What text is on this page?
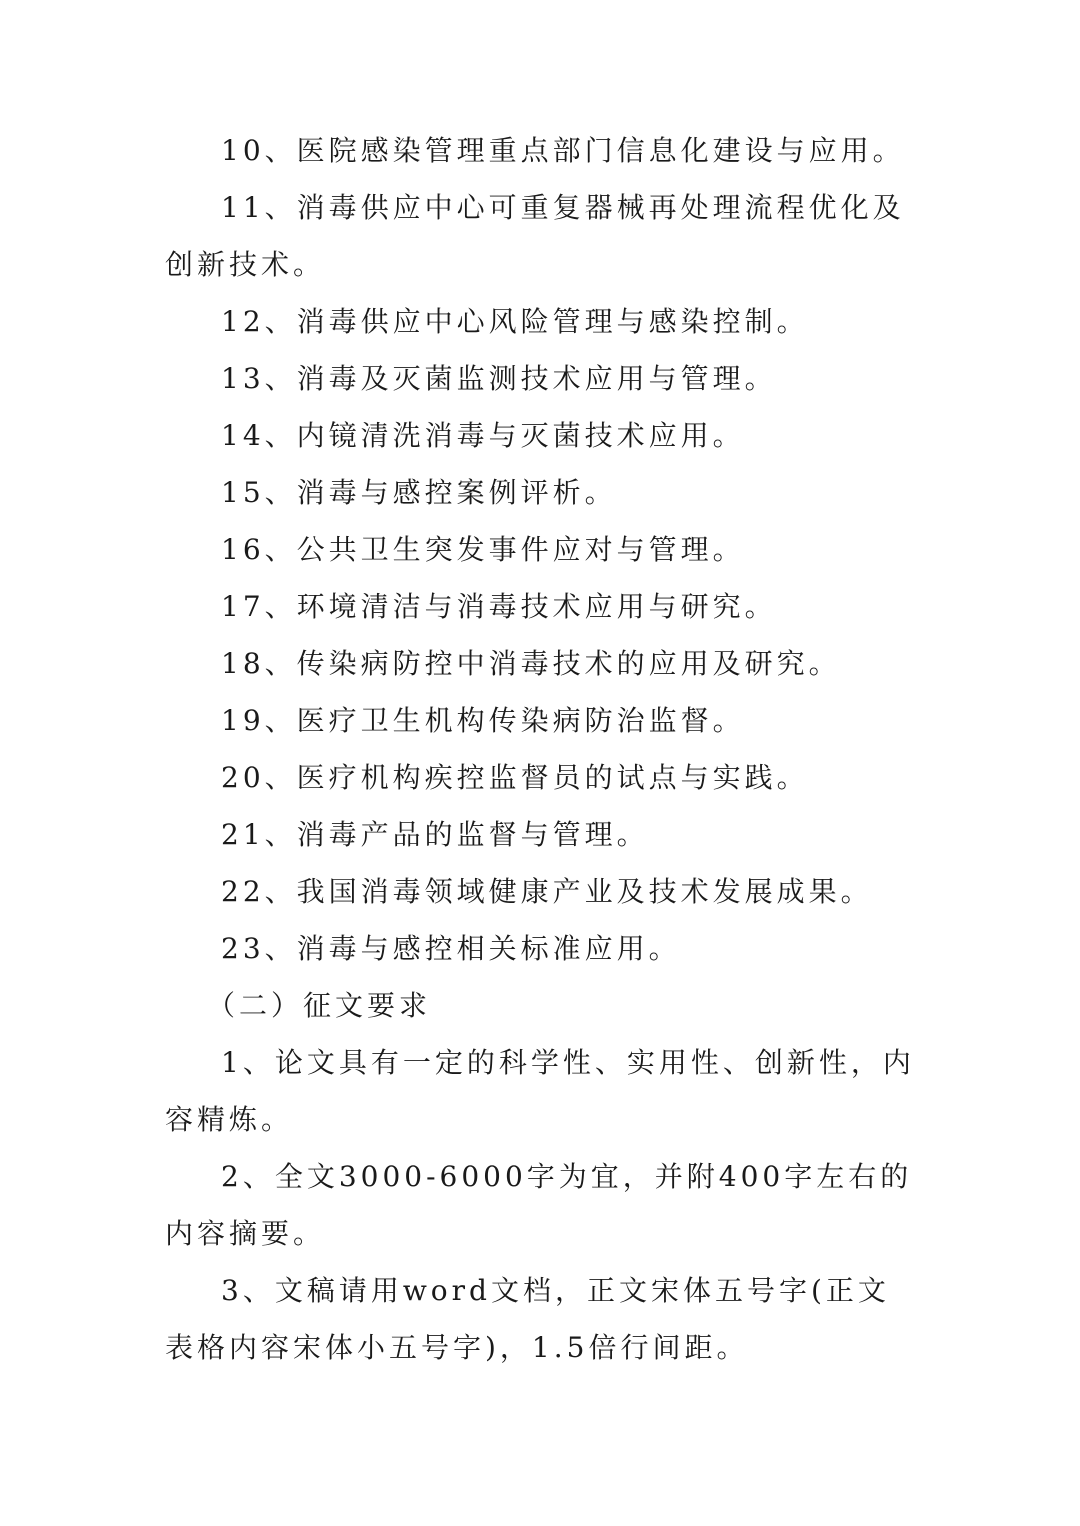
10、医院感染管理重点部门信息化建设与应用。

11、消毒供应中心可重复器械再处理流程优化及创新技术。

12、消毒供应中心风险管理与感染控制。

13、消毒及灭菌监测技术应用与管理。

14、内镜清洗消毒与灭菌技术应用。

15、消毒与感控案例评析。

16、公共卫生突发事件应对与管理。

17、环境清洁与消毒技术应用与研究。

18、传染病防控中消毒技术的应用及研究。

19、医疗卫生机构传染病防治监督。

20、医疗机构疾控监督员的试点与实践。

21、消毒产品的监督与管理。

22、我国消毒领域健康产业及技术发展成果。

23、消毒与感控相关标准应用。

（二）征文要求

1、论文具有一定的科学性、实用性、创新性，内容精炼。

2、全文3000-6000字为宜，并附400字左右的内容摘要。

3、文稿请用word文档，正文宋体五号字(正文表格内容宋体小五号字)，1.5倍行间距。
